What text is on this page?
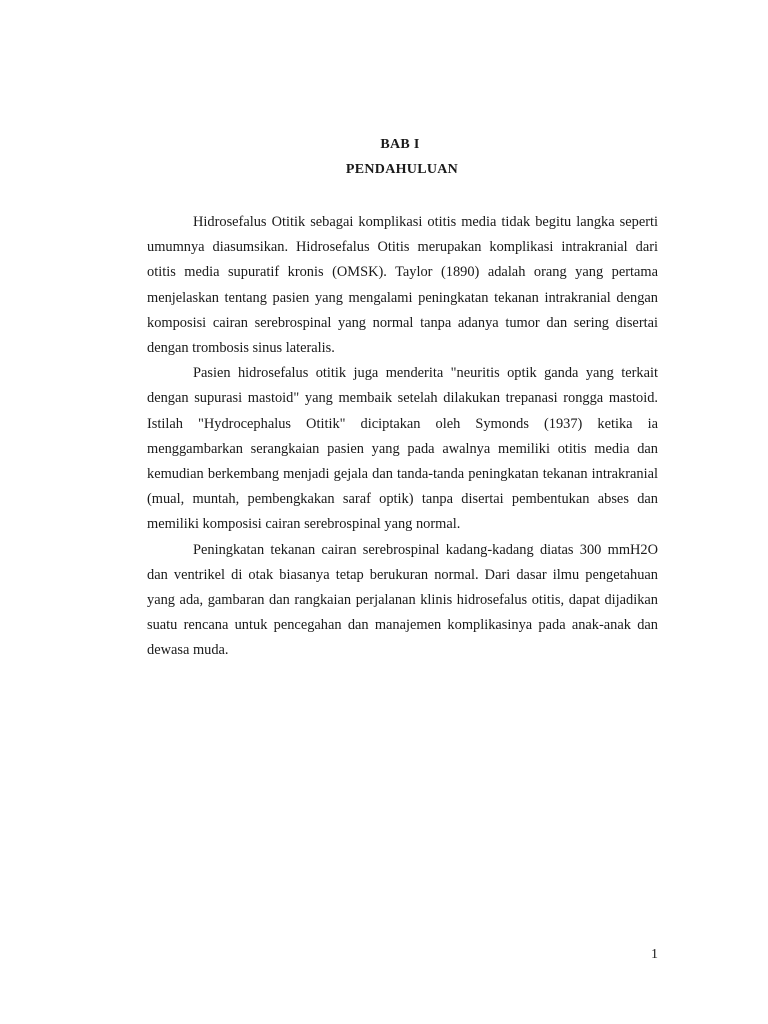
BAB I
PENDAHULUAN

Hidrosefalus Otitik sebagai komplikasi otitis media tidak begitu langka seperti umumnya diasumsikan. Hidrosefalus Otitis merupakan komplikasi intrakranial dari otitis media supuratif kronis (OMSK). Taylor (1890) adalah orang yang pertama menjelaskan tentang pasien yang mengalami peningkatan tekanan intrakranial dengan komposisi cairan serebrospinal yang normal tanpa adanya tumor dan sering disertai dengan trombosis sinus lateralis.

Pasien hidrosefalus otitik juga menderita "neuritis optik ganda yang terkait dengan supurasi mastoid" yang membaik setelah dilakukan trepanasi rongga mastoid. Istilah "Hydrocephalus Otitik" diciptakan oleh Symonds (1937) ketika ia menggambarkan serangkaian pasien yang pada awalnya memiliki otitis media dan kemudian berkembang menjadi gejala dan tanda-tanda peningkatan tekanan intrakranial (mual, muntah, pembengkakan saraf optik) tanpa disertai pembentukan abses dan memiliki komposisi cairan serebrospinal yang normal.

Peningkatan tekanan cairan serebrospinal kadang-kadang diatas 300 mmH2O dan ventrikel di otak biasanya tetap berukuran normal. Dari dasar ilmu pengetahuan yang ada, gambaran dan rangkaian perjalanan klinis hidrosefalus otitis, dapat dijadikan suatu rencana untuk pencegahan dan manajemen komplikasinya pada anak-anak dan dewasa muda.

1
